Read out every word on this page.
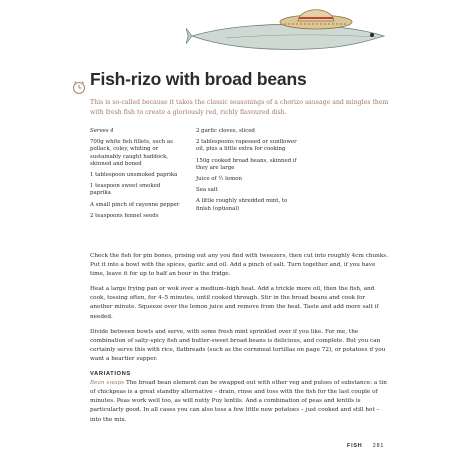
Fish-rizo with broad beans

This is so-called because it takes the classic seasonings of a chorizo sausage and mingles them with fresh fish to create a gloriously red, richly flavoured dish.

Serves 4
700g white fish fillets, such as pollack, coley, whiting or sustainably caught haddock, skinned and boned
1 tablespoon unsmoked paprika
1 teaspoon sweet smoked paprika
A small pinch of cayenne pepper
2 teaspoons fennel seeds
2 garlic cloves, sliced
2 tablespoons rapeseed or sunflower oil, plus a little extra for cooking
150g cooked broad beans, skinned if they are large
Juice of ½ lemon
Sea salt
A little roughly shredded mint, to finish (optional)

Check the fish for pin bones, prising out any you find with tweezers, then cut into roughly 4cm chunks. Put it into a bowl with the spices, garlic and oil. Add a pinch of salt. Turn together and, if you have time, leave it for up to half an hour in the fridge.

Heat a large frying pan or wok over a medium–high heat. Add a trickle more oil, then the fish, and cook, tossing often, for 4–5 minutes, until cooked through. Stir in the broad beans and cook for another minute. Squeeze over the lemon juice and remove from the heat. Taste and add more salt if needed.

Divide between bowls and serve, with some fresh mint sprinkled over if you like. For me, the combination of salty-spicy fish and butter-sweet broad beans is delicious, and complete. But you can certainly serve this with rice, flatbreads (such as the cornmeal tortillas on page 72), or potatoes if you want a heartier supper.

VARIATIONS

Bean swaps The broad bean element can be swapped out with other veg and pulses of substance: a tin of chickpeas is a great standby alternative – drain, rinse and toss with the fish for the last couple of minutes. Peas work well too, as will nutty Puy lentils. And a combination of peas and lentils is particularly good. In all cases you can also toss a few little new potatoes – just cooked and still hot – into the mix.

FISH 281
